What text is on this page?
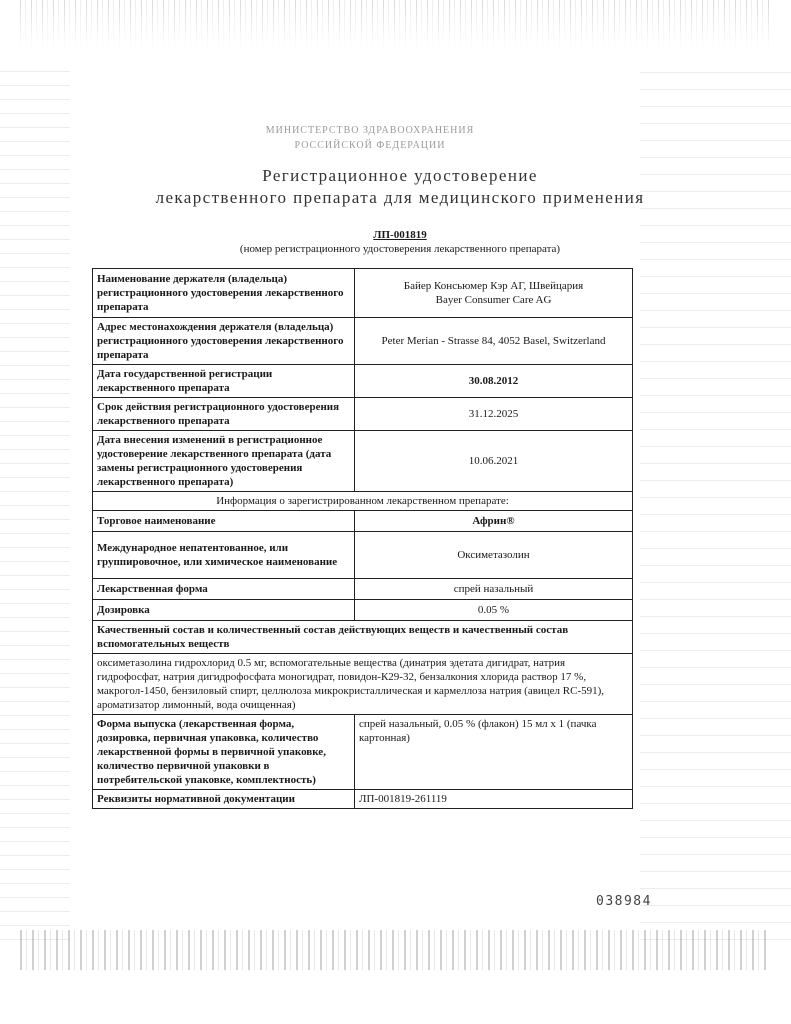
МИНИСТЕРСТВО ЗДРАВООХРАНЕНИЯ
РОССИЙСКОЙ ФЕДЕРАЦИИ
Регистрационное удостоверение
лекарственного препарата для медицинского применения
ЛП-001819
(номер регистрационного удостоверения лекарственного препарата)
Наименование держателя (владельца) регистрационного удостоверения лекарственного препарата	Байер Консьюмер Кэр АГ, Швейцария
Bayer Consumer Care AG

Адрес местонахождения держателя (владельца) регистрационного удостоверения лекарственного препарата	Peter Merian - Strasse 84, 4052 Basel, Switzerland
Дата государственной регистрации лекарственного препарата	30.08.2012
Срок действия регистрационного удостоверения лекарственного препарата	31.12.2025
Дата внесения изменений в регистрационное удостоверение лекарственного препарата (дата замены регистрационного удостоверения лекарственного препарата)	10.06.2021
Информация о зарегистрированном лекарственном препарате:	
Торговое наименование	Африн®
Международное непатентованное, или группировочное, или химическое наименование	Оксиметазолин
Лекарственная форма	спрей назальный
Дозировка	0.05 %
Качественный состав и количественный состав действующих веществ и качественный состав вспомогательных веществ	
оксиметазолина гидрохлорид 0.5 мг, вспомогательные вещества (динатрия эдетата дигидрат, натрия гидрофосфат, натрия дигидрофосфата моногидрат, повидон-К29-32, бензалкония хлорида раствор 17 %, макрогол-1450, бензиловый спирт, целлюлоза микрокристаллическая и кармеллоза натрия (авицел RC-591), ароматизатор лимонный, вода очищенная)	
Форма выпуска (лекарственная форма, дозировка, первичная упаковка, количество лекарственной формы в первичной упаковке, количество первичной упаковки в потребительской упаковке, комплектность)	спрей назальный, 0.05 % (флакон) 15 мл х 1 (пачка картонная)
Реквизиты нормативной документации	ЛП-001819-261119
038984
